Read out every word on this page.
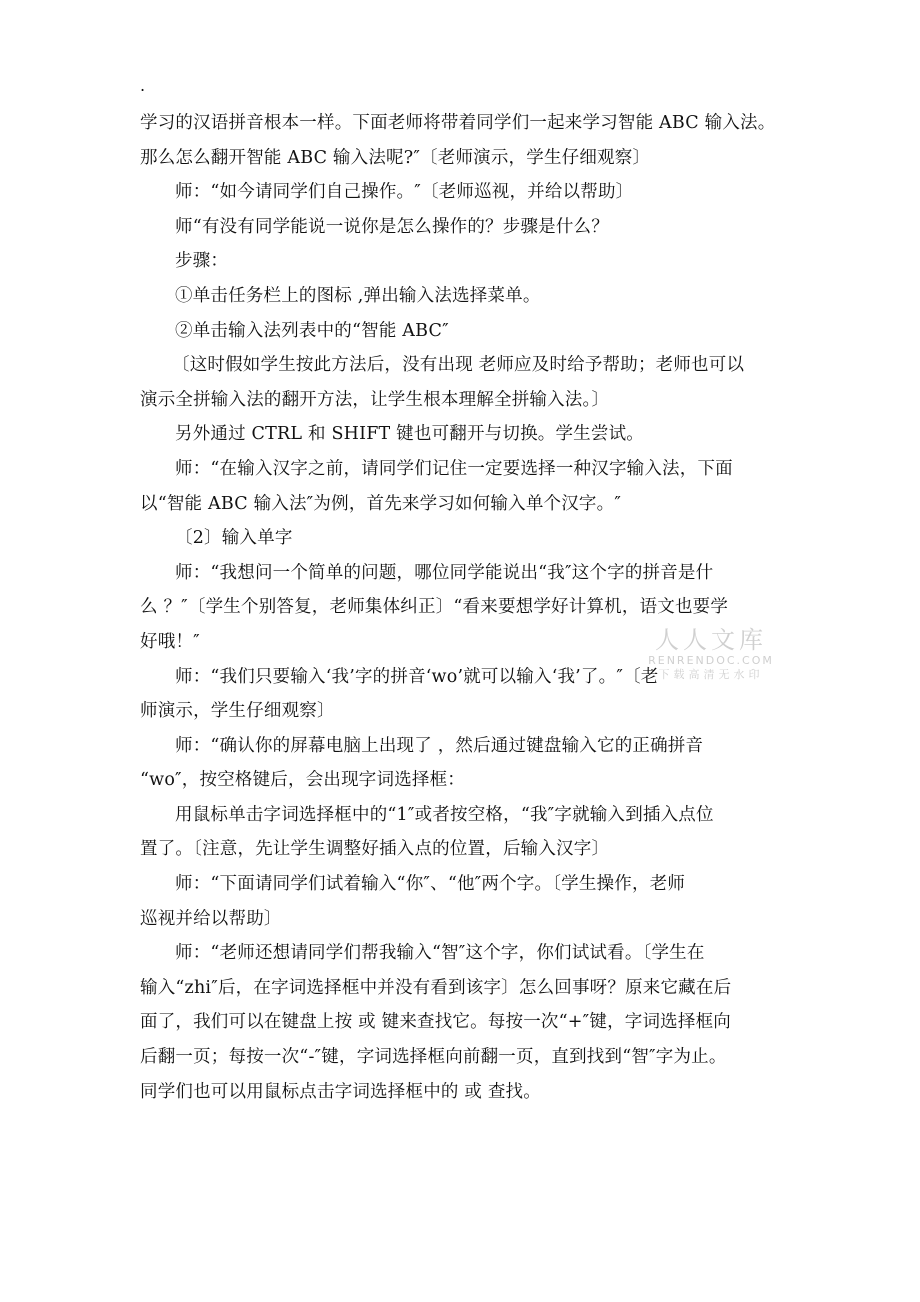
.
学习的汉语拼音根本一样。下面老师将带着同学们一起来学习智能 ABC 输入法。
那么怎么翻开智能 ABC 输入法呢?″〔老师演示，学生仔细观察〕
师：“如今请同学们自己操作。″〔老师巡视，并给以帮助〕
师“有没有同学能说一说你是怎么操作的？步骤是什么？
步骤：
①单击任务栏上的图标 ,弹出输入法选择菜单。
②单击输入法列表中的“智能 ABC″
〔这时假如学生按此方法后，没有出现 老师应及时给予帮助；老师也可以
演示全拼输入法的翻开方法，让学生根本理解全拼输入法。〕
另外通过 CTRL 和 SHIFT 键也可翻开与切换。学生尝试。
师：“在输入汉字之前，请同学们记住一定要选择一种汉字输入法，下面
以“智能 ABC 输入法″为例，首先来学习如何输入单个汉字。″
〔2〕输入单字
师：“我想问一个简单的问题，哪位同学能说出“我″这个字的拼音是什
么 ？″〔学生个别答复，老师集体纠正〕“看来要想学好计算机，语文也要学
好哦！″
师：“我们只要输入‘我’字的拼音‘wo’就可以输入‘我’了。″〔老
师演示，学生仔细观察〕
师：“确认你的屏幕电脑上出现了 ，然后通过键盘输入它的正确拼音
“wo″，按空格键后，会出现字词选择框：
用鼠标单击字词选择框中的“1″或者按空格，“我″字就输入到插入点位
置了。〔注意，先让学生调整好插入点的位置，后输入汉字〕
师：“下面请同学们试着输入“你″、“他″两个字。〔学生操作，老师
巡视并给以帮助〕
师：“老师还想请同学们帮我输入“智″这个字，你们试试看。〔学生在
输入“zhi″后，在字词选择框中并没有看到该字〕怎么回事呀？原来它藏在后
面了，我们可以在键盘上按 或 键来查找它。每按一次“+″键，字词选择框向
后翻一页；每按一次“-″键，字词选择框向前翻一页，直到找到“智″字为止。
同学们也可以用鼠标点击字词选择框中的 或 查找。
人人文库
RENRENDOC.COM
下载高清无水印
